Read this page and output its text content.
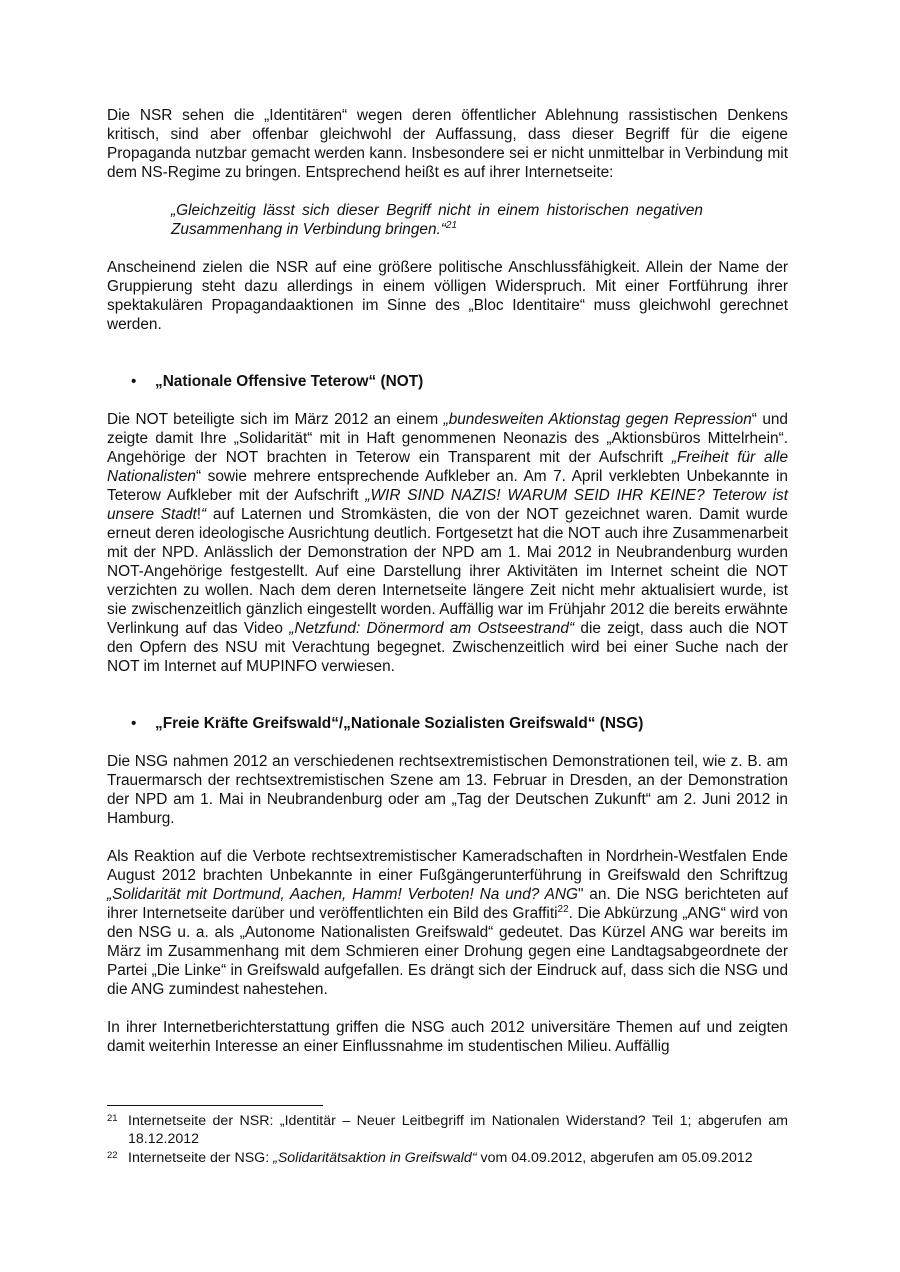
Die NSR sehen die „Identitären“ wegen deren öffentlicher Ablehnung rassistischen Denkens kritisch, sind aber offenbar gleichwohl der Auffassung, dass dieser Begriff für die eigene Propaganda nutzbar gemacht werden kann. Insbesondere sei er nicht unmittelbar in Verbindung mit dem NS-Regime zu bringen. Entsprechend heißt es auf ihrer Internetseite:

„Gleichzeitig lässt sich dieser Begriff nicht in einem historischen negativen Zusammenhang in Verbindung bringen.“$^{21}$

Anscheinend zielen die NSR auf eine größere politische Anschlussfähigkeit. Allein der Name der Gruppierung steht dazu allerdings in einem völligen Widerspruch. Mit einer Fortführung ihrer spektakulären Propagandaaktionen im Sinne des „Bloc Identitaire“ muss gleichwohl gerechnet werden.

•	„Nationale Offensive Teterow“ (NOT)

Die NOT beteiligte sich im März 2012 an einem „bundesweiten Aktionstag gegen Repression“ und zeigte damit Ihre „Solidarität“ mit in Haft genommenen Neonazis des „Aktionsbüros Mittelrhein“. Angehörige der NOT brachten in Teterow ein Transparent mit der Aufschrift „Freiheit für alle Nationalisten“ sowie mehrere entsprechende Aufkleber an. Am 7. April verklebten Unbekannte in Teterow Aufkleber mit der Aufschrift „WIR SIND NAZIS! WARUM SEID IHR KEINE? Teterow ist unsere Stadt!“ auf Laternen und Stromkästen, die von der NOT gezeichnet waren. Damit wurde erneut deren ideologische Ausrichtung deutlich. Fortgesetzt hat die NOT auch ihre Zusammenarbeit mit der NPD. Anlässlich der Demonstration der NPD am 1. Mai 2012 in Neubrandenburg wurden NOT-Angehörige festgestellt. Auf eine Darstellung ihrer Aktivitäten im Internet scheint die NOT verzichten zu wollen. Nach dem deren Internetseite längere Zeit nicht mehr aktualisiert wurde, ist sie zwischenzeitlich gänzlich eingestellt worden. Auffällig war im Frühjahr 2012 die bereits erwähnte Verlinkung auf das Video „Netzfund: Dönermord am Ostseestrand“ die zeigt, dass auch die NOT den Opfern des NSU mit Verachtung begegnet. Zwischenzeitlich wird bei einer Suche nach der NOT im Internet auf MUPINFO verwiesen.

•	„Freie Kräfte Greifswald“/„Nationale Sozialisten Greifswald“ (NSG)

Die NSG nahmen 2012 an verschiedenen rechtsextremistischen Demonstrationen teil, wie z. B. am Trauermarsch der rechtsextremistischen Szene am 13. Februar in Dresden, an der Demonstration der NPD am 1. Mai in Neubrandenburg oder am „Tag der Deutschen Zukunft“ am 2. Juni 2012 in Hamburg.

Als Reaktion auf die Verbote rechtsextremistischer Kameradschaften in Nordrhein-Westfalen Ende August 2012 brachten Unbekannte in einer Fußgängerunterführung in Greifswald den Schriftzug „Solidarität mit Dortmund, Aachen, Hamm! Verboten! Na und? ANG" an. Die NSG berichteten auf ihrer Internetseite darüber und veröffentlichten ein Bild des Graffiti$^{22}$. Die Abkürzung „ANG“ wird von den NSG u. a. als „Autonome Nationalisten Greifswald“ gedeutet. Das Kürzel ANG war bereits im März im Zusammenhang mit dem Schmieren einer Drohung gegen eine Landtagsabgeordnete der Partei „Die Linke“ in Greifswald aufgefallen. Es drängt sich der Eindruck auf, dass sich die NSG und die ANG zumindest nahestehen.

In ihrer Internetberichterstattung griffen die NSG auch 2012 universitäre Themen auf und zeigten damit weiterhin Interesse an einer Einflussnahme im studentischen Milieu. Auffällig

21 Internetseite der NSR: „Identitär – Neuer Leitbegriff im Nationalen Widerstand? Teil 1; abgerufen am 18.12.2012
22 Internetseite der NSG: „Solidaritätsaktion in Greifswald“ vom 04.09.2012, abgerufen am 05.09.2012
